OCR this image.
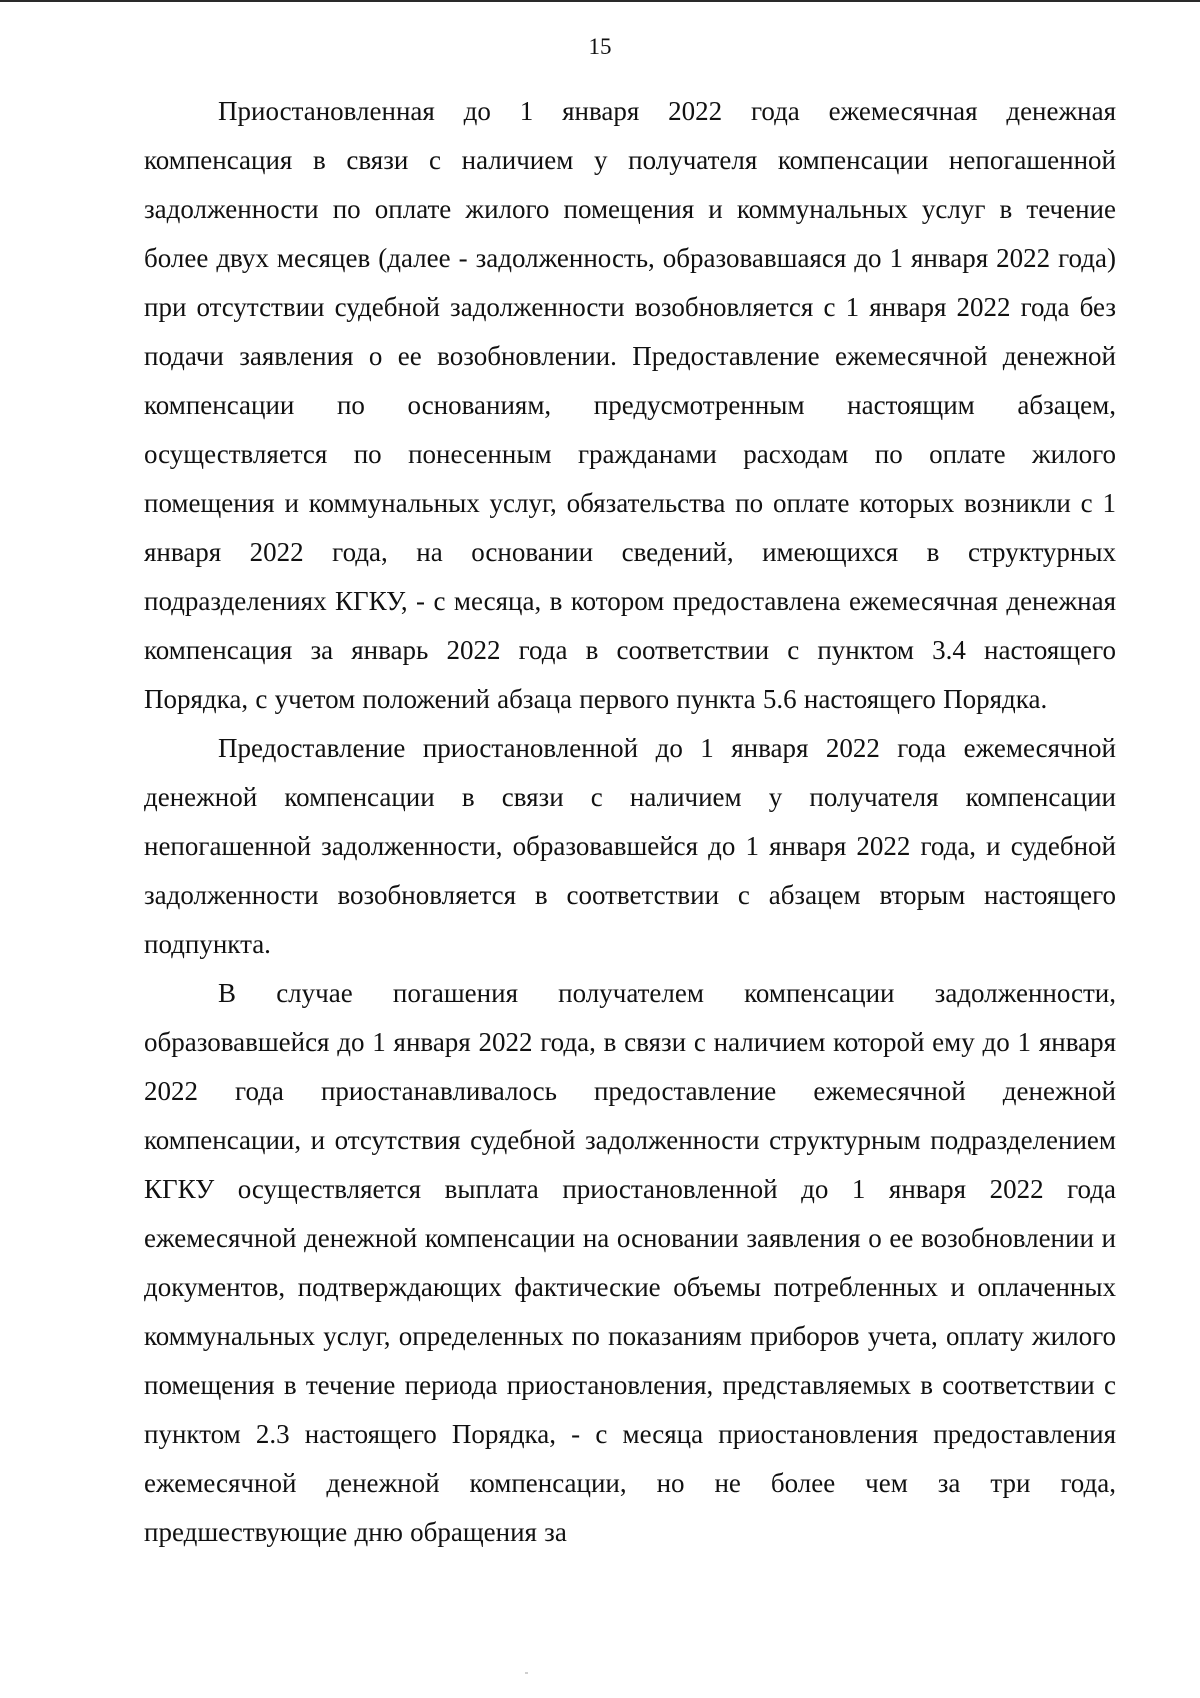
15

Приостановленная до 1 января 2022 года ежемесячная денежная компенсация в связи с наличием у получателя компенсации непогашенной задолженности по оплате жилого помещения и коммунальных услуг в течение более двух месяцев (далее - задолженность, образовавшаяся до 1 января 2022 года) при отсутствии судебной задолженности возобновляется с 1 января 2022 года без подачи заявления о ее возобновлении. Предоставление ежемесячной денежной компенсации по основаниям, предусмотренным настоящим абзацем, осуществляется по понесенным гражданами расходам по оплате жилого помещения и коммунальных услуг, обязательства по оплате которых возникли с 1 января 2022 года, на основании сведений, имеющихся в структурных подразделениях КГКУ, - с месяца, в котором предоставлена ежемесячная денежная компенсация за январь 2022 года в соответствии с пунктом 3.4 настоящего Порядка, с учетом положений абзаца первого пункта 5.6 настоящего Порядка.

Предоставление приостановленной до 1 января 2022 года ежемесячной денежной компенсации в связи с наличием у получателя компенсации непогашенной задолженности, образовавшейся до 1 января 2022 года, и судебной задолженности возобновляется в соответствии с абзацем вторым настоящего подпункта.

В случае погашения получателем компенсации задолженности, образовавшейся до 1 января 2022 года, в связи с наличием которой ему до 1 января 2022 года приостанавливалось предоставление ежемесячной денежной компенсации, и отсутствия судебной задолженности структурным подразделением КГКУ осуществляется выплата приостановленной до 1 января 2022 года ежемесячной денежной компенсации на основании заявления о ее возобновлении и документов, подтверждающих фактические объемы потребленных и оплаченных коммунальных услуг, определенных по показаниям приборов учета, оплату жилого помещения в течение периода приостановления, представляемых в соответствии с пунктом 2.3 настоящего Порядка, - с месяца приостановления предоставления ежемесячной денежной компенсации, но не более чем за три года, предшествующие дню обращения за
